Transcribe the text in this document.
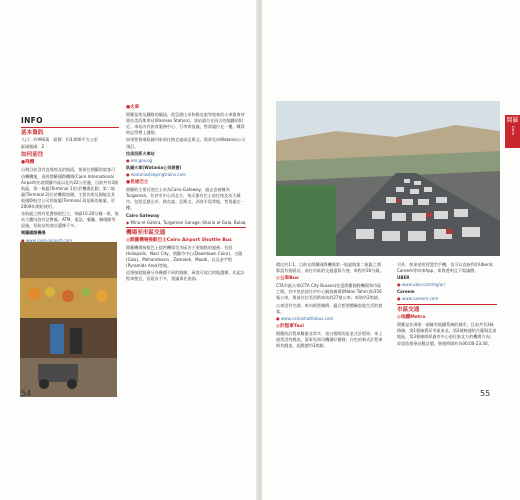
INFO
基本資訊

人口：約990萬　面積：約3,000平方公里

區域號碼：2

如何前往
●飛機

台灣目前沒有直飛埃及的航班，要前往開羅的旅客可由轉機地，再經開羅國際機場(Cairo International Airport)出境開羅市區以北約22公里處，目前共有3個航廈，第一航廈(Terminal 1)位於機場北側，第二航廈(Terminal 2)位於機場南側，主要為埃及國航及其他國際航空公司的航廈(Terminal 3)是新的航廈，於2009年開始使用。

各航廈之間有免費接駁巴士，每隔10-20分鐘一班。航站大樓內設有兌幣處、ATM、電話、餐廳、咖啡館等設施，但航站的商店選擇不多。

開羅國際機場

● www.cairo-airport.com

●火車

開羅是埃及鐵路的樞紐，從亞歷山卓和路克索等地來的火車都會停靠拉美西斯車站(Ramses Station)，該站就位在同名的地鐵站附近。車站內有旅客服務中心、行李寄放處，售票處位在一樓，購票時記得帶上護照。

如果要搭乘臥鋪列車前往路克索或亞斯文，需事先向Watania公司預訂。

拉美西斯火車站

● enr.gov.eg

臥鋪火車(Watania公司經營)

● wataniasleepingtrains.com

●長途巴士

開羅的主要長途巴士站為Cairo Gateway，過去也被稱為Turgoman，位於市中心西北方，每天都有巴士前往埃及各大城市，包括亞歷山卓、路克索、亞斯文、西奈半島等地，售票處在一樓。

Cairo Gateway

◆ Mina el-Gahira, Turgoman Garage; Sharia al-Gala, Bulaq

機場至市區交通
◎開羅機場接駁巴士Cairo Airport Shuttle Bus

開羅機場接駁巴士提供機場至市區各主要地點的服務，包括Heliopolis、Nasr City、開羅市中心(Downtown Cairo)、吉薩(Giza)、Mohandessin、Zamalek、Maadi、以及金字塔(Pyramids Area)等地。

這項接駁服務分為幾種不同的路線，乘客可依目的地選擇，比起計程車便宜，但班次不多，建議事先查詢。

54
開羅
Cairo

價比約1:1，目前在開羅國際機場第一航廈與第二航廈之間都設有接駁站，前往市區的交通還算方便，車程約30分鐘。

◎公車Bus

CTA市區公車(CTA City Busses)往返開羅國際機場和市區之間，其中包括前往市中心解放廣場(Midan Tahrir)的356號公車，與前往拉美西斯車站的27號公車，車資約2埃鎊。

公車沒有空調，車內經常擁擠，適合想要體驗當地生活的旅客。

● www.cairoshuttlebus.com

◎計程車Taxi

開羅的計程車數量非常多，黑白相間的是老式計程車，車上通常沒有跳表，需事先和司機講好價錢；白色的新式計程車則有跳表，起跳價約3埃鎊。

另外，如果使用智慧型手機，也可以直接利用Uber或Careem等叫車App，車資透明且不需議價。

UBER

● www.uber.com/eg/ar/

Careem

● www.careem.com

市區交通
◎地鐵Metro

開羅是非洲第一個擁有地鐵系統的城市，目前共有3條路線，第1號線貫穿市區南北，第2號線連結吉薩與北部地區，第3號線則經過市中心前往東北方的機場方向。

車票依搭乘站數計價，營運時間約為06:00-23:30。

55
